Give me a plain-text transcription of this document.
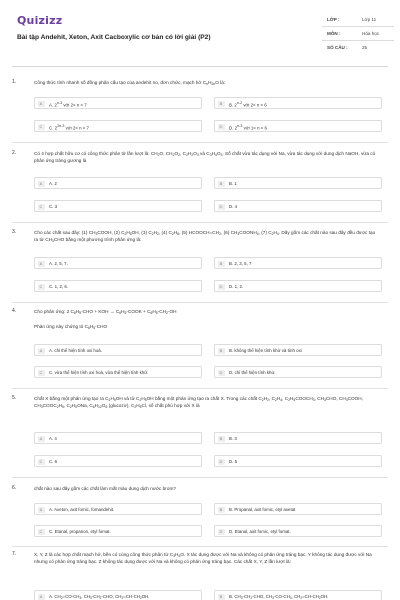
Quizizz
Bài tập Andehit, Xeton, Axit Cacboxylic cơ bản có lời giải (P2)
LỚP :	Lớp 11
MÔN :	Hóa học
SỐ CÂU :	25
1.	Công thức tính nhanh số đồng phân cấu tạo của andehit no, đơn chức, mạch hở $C_nH_{2n}O$ là:
A	A. 2$^{n-3}$ với 2< n < 7	B	B. 2$^{n-2}$ với 2< n < 6
C	C. $2^{2n-3}$ với 2< n < 7	D	D. 2$^{n-3}$ với 1< n < 6
2.	Có 4 hợp chất hữu cơ có công thức phân tử lần lượt là: $CH_2O$, $CH_2O_2$, $C_2H_2O_3$ và $C_3H_4O_3$. Số chất vừa tác dụng với Na, vừa tác dụng với dung dịch NaOH, vừa có phản ứng tráng gương là
A	A. 2	B	B. 1
C	C. 3	D	D. 4
3.	Cho các chất sau đây: (1) $CH_3COOH$, (2) $C_2H_5OH$, (3) $C_2H_2$, (4) $C_2H_6$, (5) $HCOOCH=CH_2$, (6) $CH_3COONH_4$, (7) $C_2H_4$. Dãy gồm các chất nào sau đây đều được tạo ra từ $CH_3CHO$ bằng một phương trình phản ứng là:
A	A. 2, 5, 7.	B	B. 2, 3, 5, 7
C	C. 1, 2, 6.	D	D. 1, 2.
4.	Cho phản ứng: 2 $C_6H_5$-CHO + KOH → $C_6H_5$-COOK + $C_6H_5-CH_2-OH$

Phản ứng này chứng tỏ $C_6H_5$-CHO
A	A. chỉ thể hiện tính oxi hoá.	B	B. không thể hiện tính khử và tính oxi
C	C. vừa thể hiện tính oxi hoá, vừa thể hiện tính khử.	D	D. chỉ thể hiện tính khử.
5.	Chất X bằng một phản ứng tạo ra $C_2H_5OH$ và từ $C_2H_5OH$ bằng một phản ứng tạo ra chất X. Trong các chất $C_2H_2$, $C_2H_4$, $C_2H_5COOCH_3$, $CH_3CHO$, $CH_3COOH$, $CH_3COOC_2H_5$, $C_2H_5ONa$, $C_6H_{12}O_6$ (glucozơ), $C_2H_5Cl$, số chất phù hợp với X là
A	A. 4	B	B. 3
C	C. 6	D	D. 5
6.	chất nào sau đây gồm các chất làm mất màu dung dịch nước brom?
A	A. Axeton, axit fomic, fomandehit.	B	B. Propanal, axit fomic, etyl axetat
C	C. Etanal, propanon, etyl fomat.	D	D. Etanal, axit fomic, etyl fomat.
7.	X, Y, Z là các hợp chất mạch hở, bền có cùng công thức phân tử $C_3H_6O$. X tác dụng được với Na và không có phản ứng tráng bạc. Y không tác dụng được với Na nhưng có phản ứng tráng bạc. Z không tác dụng được với Na và không có phản ứng tráng bạc. Các chất X, Y, Z lần lượt là:
A	A. $CH_2=CO-CH_3$, $CH_3-CH_2$-CHO, $CH_2=CH-CH_2OH$.	B	B. $CH_3-CH_2$-CHO, $CH_3-CO-CH_3$, $CH_2=CH-CH_2OH$.
